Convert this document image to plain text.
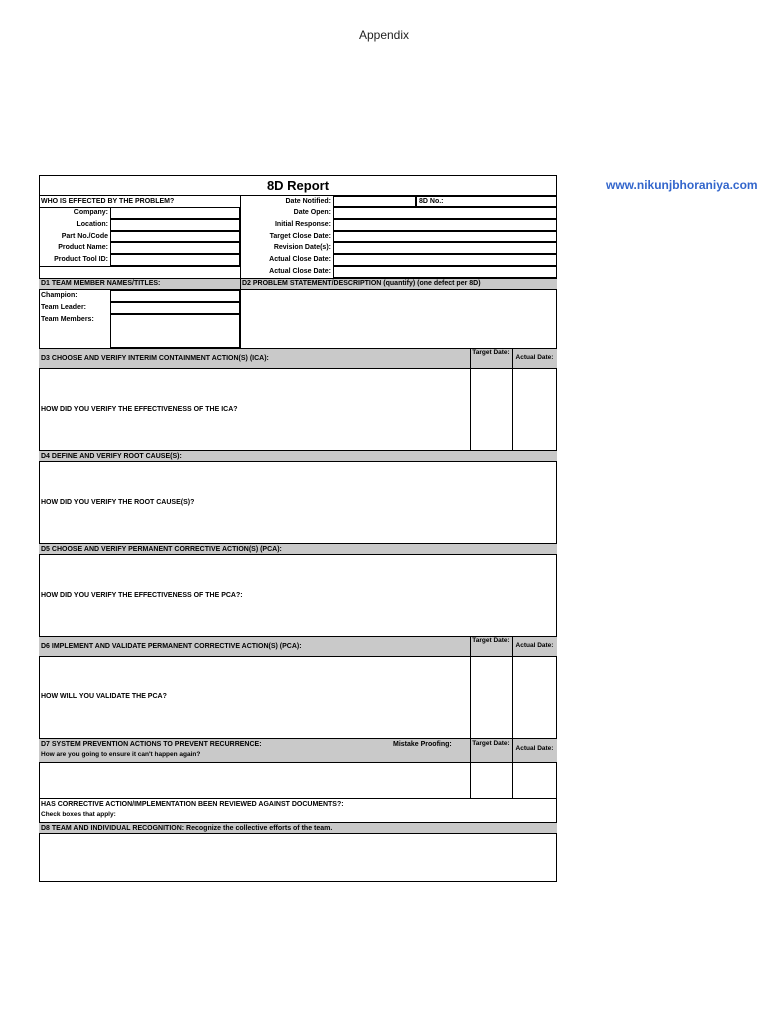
Appendix
www.nikunjbhoraniya.com
8D Report
WHO IS EFFECTED BY THE PROBLEM?
Company:
Location:
Part No./Code
Product Name:
Product Tool ID:
Date Notified:
Date Open:
Initial Response:
Target Close Date:
Revision Date(s):
Actual Close Date:
Actual Close Date:
8D No.:
D1 TEAM MEMBER NAMES/TITLES:	D2 PROBLEM STATEMENT/DESCRIPTION (quantify) (one defect per 8D)
Champion:
Team Leader:
Team Members:
D3 CHOOSE AND VERIFY INTERIM CONTAINMENT ACTION(S) (ICA):
Target Date:
Actual Date:
HOW DID YOU VERIFY THE EFFECTIVENESS OF THE ICA?
D4 DEFINE AND VERIFY ROOT CAUSE(S):
HOW DID YOU VERIFY THE ROOT CAUSE(S)?
D5 CHOOSE AND VERIFY PERMANENT CORRECTIVE ACTION(S) (PCA):
HOW DID YOU VERIFY THE EFFECTIVENESS OF THE PCA?:
D6 IMPLEMENT AND VALIDATE PERMANENT CORRECTIVE ACTION(S) (PCA):
Target Date:
Actual Date:
HOW WILL YOU VALIDATE THE PCA?
D7 SYSTEM PREVENTION ACTIONS TO PREVENT RECURRENCE:
How are you going to ensure it can't happen again?
Mistake Proofing:	Target Date:
Actual Date:
HAS CORRECTIVE ACTION/IMPLEMENTATION BEEN REVIEWED AGAINST DOCUMENTS?:
Check boxes that apply:
D8 TEAM AND INDIVIDUAL RECOGNITION: Recognize the collective efforts of the team.
